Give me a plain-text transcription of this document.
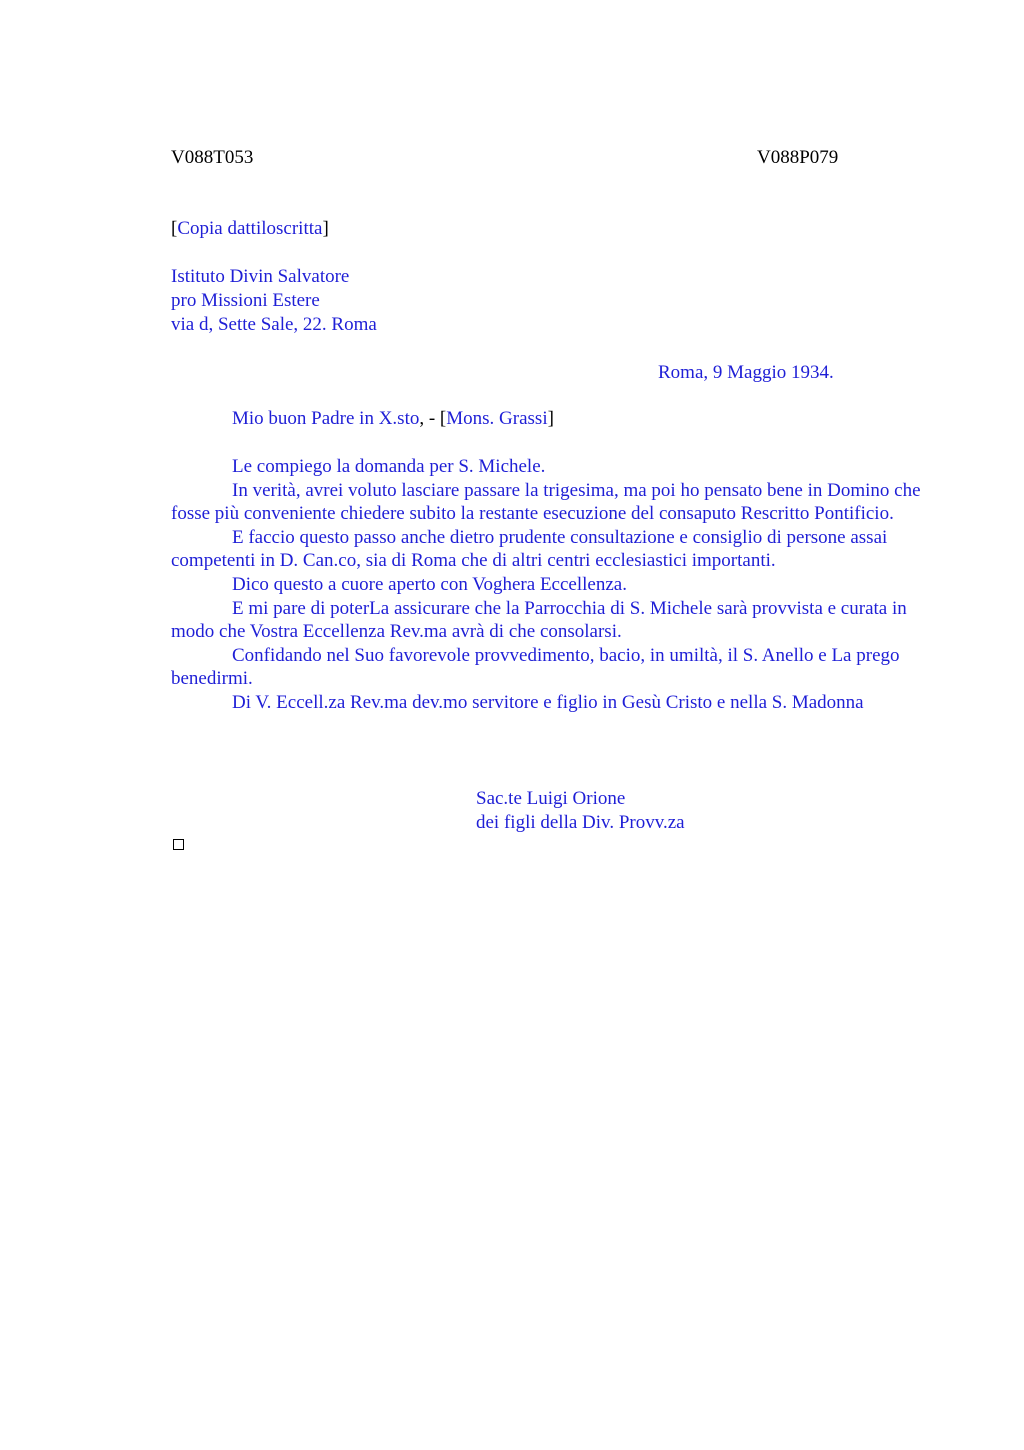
V088T053	V088P079
[Copia dattiloscritta]
Istituto Divin Salvatore
pro Missioni Estere
via d, Sette Sale, 22. Roma
Roma, 9 Maggio 1934.
Mio buon Padre in X.sto, - [Mons. Grassi]

Le compiego la domanda per S. Michele.

In verità, avrei voluto lasciare passare la trigesima, ma poi ho pensato bene in Domino che fosse più conveniente chiedere subito la restante esecuzione del consaputo Rescritto Pontificio.

E faccio questo passo anche dietro prudente consultazione e consiglio di persone assai competenti in D. Can.co, sia di Roma che di altri centri ecclesiastici importanti.

Dico questo a cuore aperto con Voghera Eccellenza.

E mi pare di poterLa assicurare che la Parrocchia di S. Michele sarà provvista e curata in modo che Vostra Eccellenza Rev.ma avrà di che consolarsi.

Confidando nel Suo favorevole provvedimento, bacio, in umiltà, il S. Anello e La prego benedirmi.

Di V. Eccell.za Rev.ma dev.mo servitore e figlio in Gesù Cristo e nella S. Madonna

Sac.te Luigi Orione
dei figli della Div. Provv.za
